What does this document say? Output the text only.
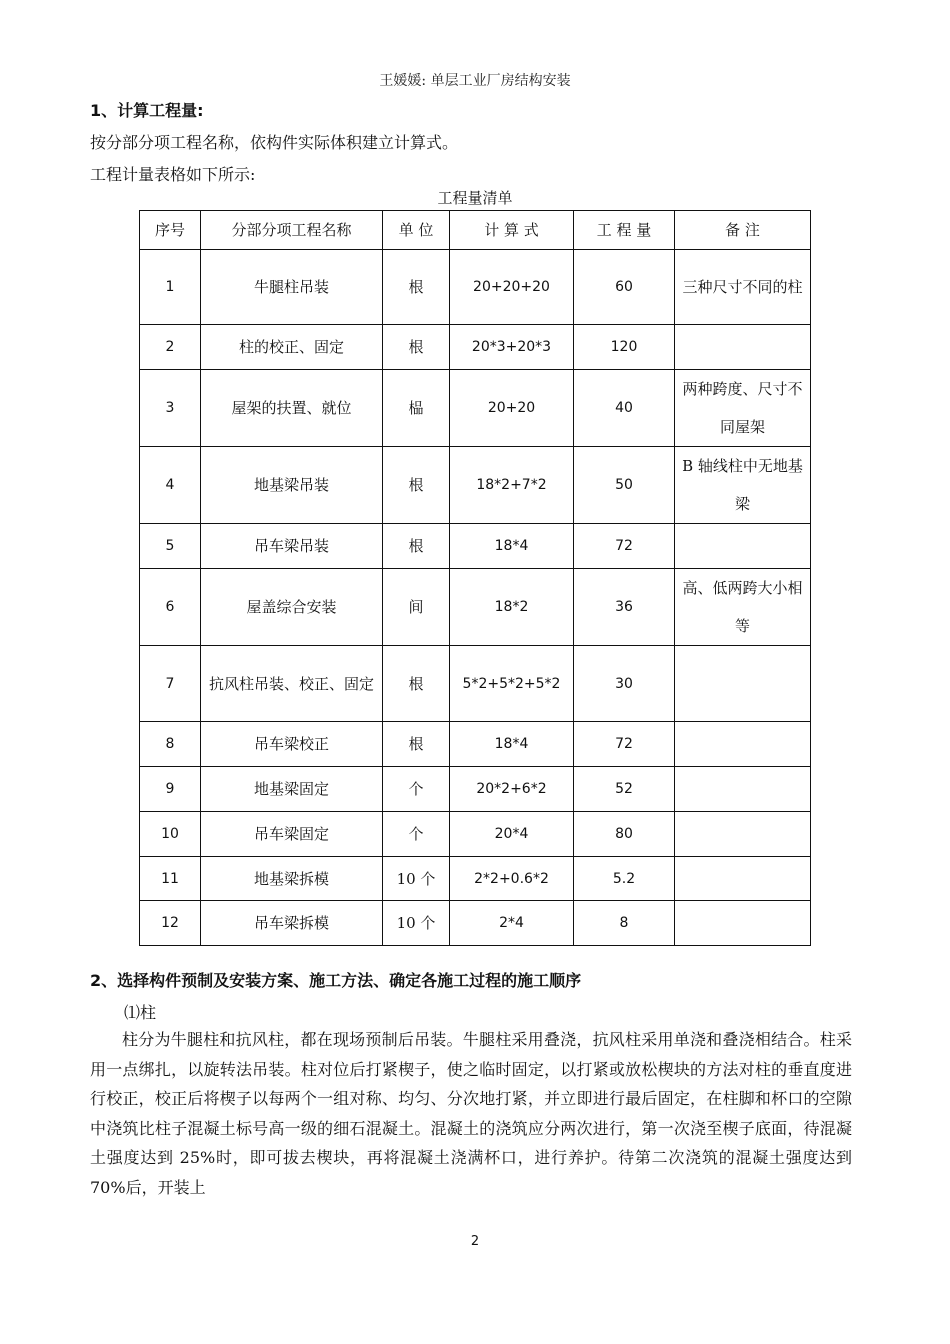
王媛媛: 单层工业厂房结构安装
1、计算工程量:
按分部分项工程名称，依构件实际体积建立计算式。
工程计量表格如下所示:
工程量清单
序号	分部分项工程名称	单 位	计 算 式	工 程 量	备 注
1	牛腿柱吊装	根	20+20+20	60	三种尺寸不同的柱
2	柱的校正、固定	根	20*3+20*3	120	
3	屋架的扶置、就位	榀	20+20	40	两种跨度、尺寸不同屋架
4	地基梁吊装	根	18*2+7*2	50	B 轴线柱中无地基梁
5	吊车梁吊装	根	18*4	72	
6	屋盖综合安装	间	18*2	36	高、低两跨大小相等
7	抗风柱吊装、校正、固定	根	5*2+5*2+5*2	30	
8	吊车梁校正	根	18*4	72	
9	地基梁固定	个	20*2+6*2	52	
10	吊车梁固定	个	20*4	80	
11	地基梁拆模	10 个	2*2+0.6*2	5.2	
12	吊车梁拆模	10 个	2*4	8	
2、选择构件预制及安装方案、施工方法、确定各施工过程的施工顺序
⑴柱
柱分为牛腿柱和抗风柱，都在现场预制后吊装。牛腿柱采用叠浇，抗风柱采用单浇和叠浇相结合。柱采用一点绑扎，以旋转法吊装。柱对位后打紧楔子，使之临时固定，以打紧或放松楔块的方法对柱的垂直度进行校正，校正后将楔子以每两个一组对称、均匀、分次地打紧，并立即进行最后固定，在柱脚和杯口的空隙中浇筑比柱子混凝土标号高一级的细石混凝土。混凝土的浇筑应分两次进行，第一次浇至楔子底面，待混凝土强度达到 25%时，即可拔去楔块，再将混凝土浇满杯口，进行养护。待第二次浇筑的混凝土强度达到 70%后，开装上
2
